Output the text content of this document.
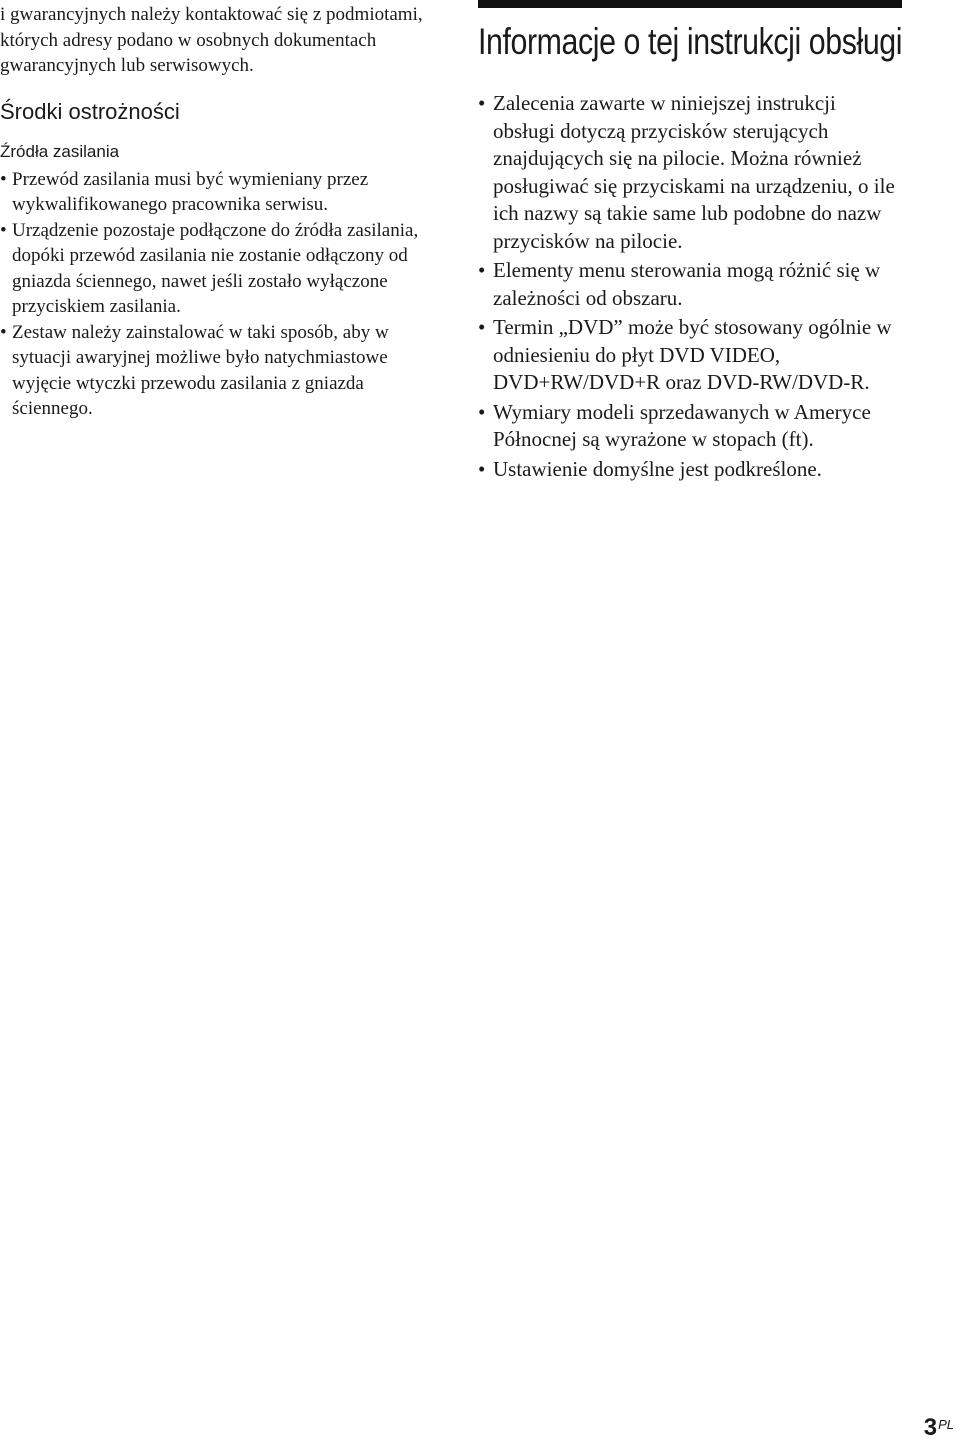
i gwarancyjnych należy kontaktować się z podmiotami, których adresy podano w osobnych dokumentach gwarancyjnych lub serwisowych.

Środki ostrożności
Źródła zasilania
• Przewód zasilania musi być wymieniany przez wykwalifikowanego pracownika serwisu.
• Urządzenie pozostaje podłączone do źródła zasilania, dopóki przewód zasilania nie zostanie odłączony od gniazda ściennego, nawet jeśli zostało wyłączone przyciskiem zasilania.
• Zestaw należy zainstalować w taki sposób, aby w sytuacji awaryjnej możliwe było natychmiastowe wyjęcie wtyczki przewodu zasilania z gniazda ściennego.
Informacje o tej instrukcji obsługi
• Zalecenia zawarte w niniejszej instrukcji obsługi dotyczą przycisków sterujących znajdujących się na pilocie. Można również posługiwać się przyciskami na urządzeniu, o ile ich nazwy są takie same lub podobne do nazw przycisków na pilocie.
• Elementy menu sterowania mogą różnić się w zależności od obszaru.
• Termin „DVD” może być stosowany ogólnie w odniesieniu do płyt DVD VIDEO, DVD+RW/DVD+R oraz DVD-RW/DVD-R.
• Wymiary modeli sprzedawanych w Ameryce Północnej są wyrażone w stopach (ft).
• Ustawienie domyślne jest podkreślone.
$3^{PL}$
